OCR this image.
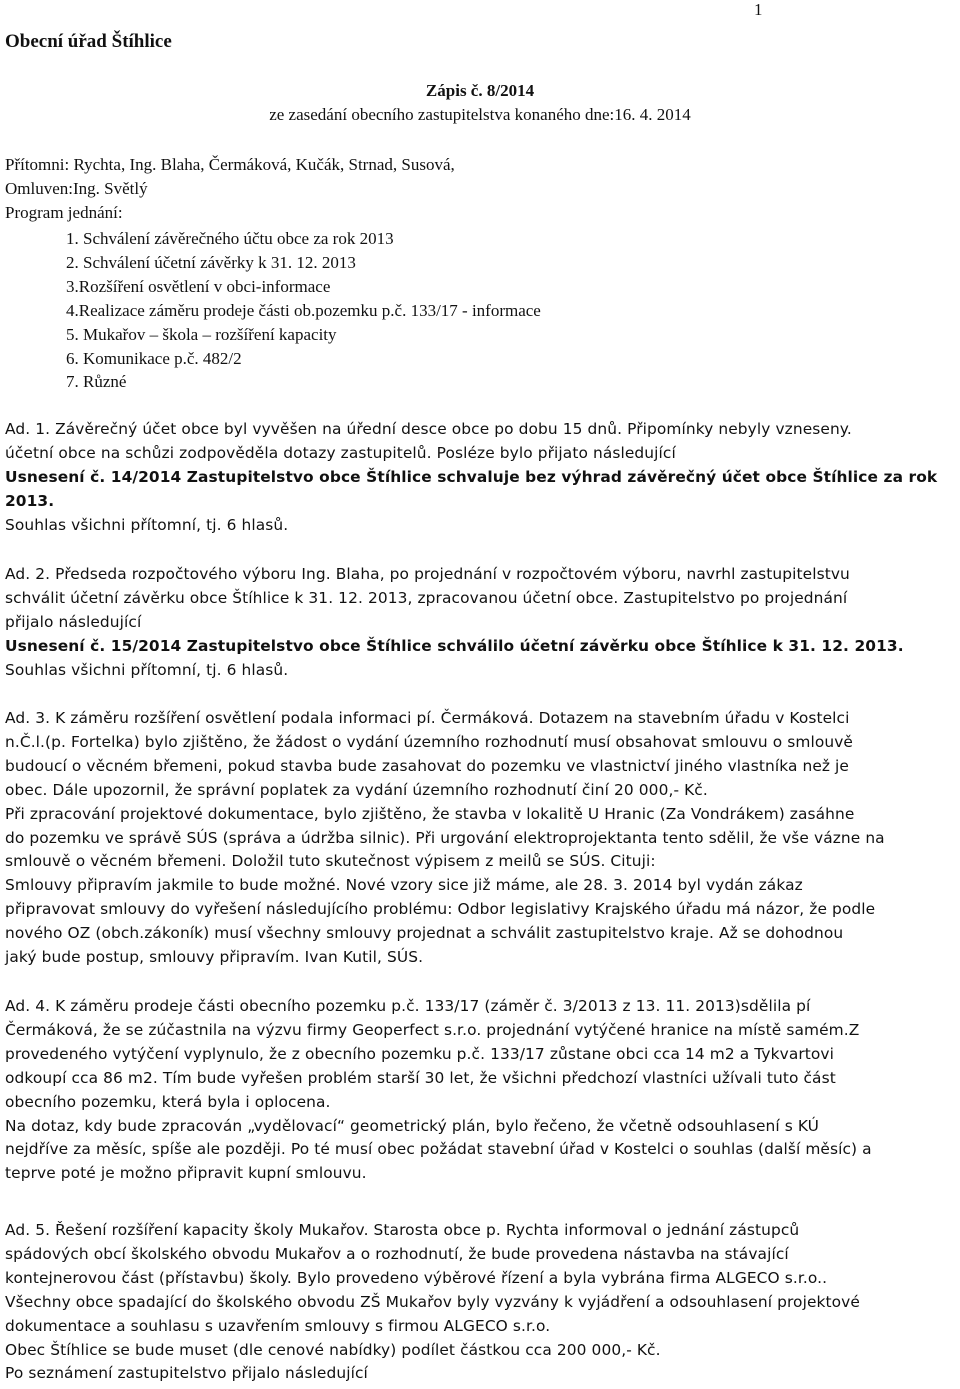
1
Obecní úřad Štíhlice
Zápis č. 8/2014
ze zasedání obecního zastupitelstva konaného dne:16. 4. 2014
Přítomni: Rychta, Ing. Blaha, Čermáková, Kučák, Strnad, Susová,
Omluven:Ing. Světlý
Program jednání:
1. Schválení závěrečného účtu obce za rok 2013
2. Schválení účetní závěrky k 31. 12. 2013
3.Rozšíření osvětlení v obci-informace
4.Realizace záměru prodeje části ob.pozemku p.č. 133/17 - informace
5. Mukařov – škola – rozšíření kapacity
6. Komunikace p.č. 482/2
7. Různé
Ad. 1. Závěrečný účet obce byl vyvěšen na úřední desce obce po dobu 15 dnů. Připomínky nebyly vzneseny.
účetní obce na schůzi zodpověděla dotazy zastupitelů. Posléze bylo přijato následující
Usnesení č. 14/2014 Zastupitelstvo obce Štíhlice schvaluje bez výhrad závěrečný účet obce Štíhlice za rok
2013.
Souhlas všichni přítomní, tj. 6 hlasů.
Ad. 2. Předseda rozpočtového výboru Ing. Blaha, po projednání v rozpočtovém výboru, navrhl zastupitelstvu
schválit účetní závěrku obce Štíhlice k 31. 12. 2013, zpracovanou účetní obce. Zastupitelstvo po projednání
přijalo následující
Usnesení č. 15/2014 Zastupitelstvo obce Štíhlice schválilo účetní závěrku obce Štíhlice k 31. 12. 2013.
Souhlas všichni přítomní, tj. 6 hlasů.
Ad. 3. K záměru rozšíření osvětlení podala informaci pí. Čermáková. Dotazem na stavebním úřadu v Kostelci
n.Č.l.(p. Fortelka) bylo zjištěno, že žádost o vydání územního rozhodnutí musí obsahovat smlouvu o smlouvě
budoucí o věcném břemeni, pokud stavba bude zasahovat do pozemku ve vlastnictví jiného vlastníka než je
obec. Dále upozornil, že správní poplatek za vydání územního rozhodnutí činí 20 000,- Kč.
Při zpracování projektové dokumentace, bylo zjištěno, že stavba v lokalitě U Hranic (Za Vondrákem) zasáhne
do pozemku ve správě SÚS (správa a údržba silnic). Při urgování elektroprojektanta tento sdělil, že vše vázne na
smlouvě o věcném břemeni. Doložil tuto skutečnost výpisem z meilů se SÚS. Cituji:
Smlouvy připravím jakmile to bude možné. Nové vzory sice již máme, ale 28. 3. 2014 byl vydán zákaz
připravovat smlouvy do vyřešení následujícího problému: Odbor legislativy Krajského úřadu má názor, že podle
nového OZ (obch.zákoník) musí všechny smlouvy projednat a schválit zastupitelstvo kraje. Až se dohodnou
jaký bude postup, smlouvy připravím. Ivan Kutil, SÚS.
Ad. 4. K záměru prodeje části obecního pozemku p.č. 133/17 (záměr č. 3/2013 z 13. 11. 2013)sdělila pí
Čermáková, že se zúčastnila na výzvu firmy Geoperfect s.r.o. projednání vytýčené hranice na místě samém.Z
provedeného vytýčení vyplynulo, že z obecního pozemku p.č. 133/17 zůstane obci cca 14 m2 a Tykvartovi
odkoupí cca 86 m2. Tím bude vyřešen problém starší 30 let, že všichni předchozí vlastníci užívali tuto část
obecního pozemku, která byla i oplocena.
Na dotaz, kdy bude zpracován „vydělovací“ geometrický plán, bylo řečeno, že včetně odsouhlasení s KÚ
nejdříve za měsíc, spíše ale později. Po té musí obec požádat stavební úřad v Kostelci o souhlas (další měsíc) a
teprve poté je možno připravit kupní smlouvu.
Ad. 5. Řešení rozšíření kapacity školy Mukařov. Starosta obce p. Rychta informoval o jednání zástupců
spádových obcí školského obvodu Mukařov a o rozhodnutí, že bude provedena nástavba na stávající
kontejnerovou část (přístavbu) školy. Bylo provedeno výběrové řízení a byla vybrána firma ALGECO s.r.o..
Všechny obce spadající do školského obvodu ZŠ Mukařov byly vyzvány k vyjádření a odsouhlasení projektové
dokumentace a souhlasu s uzavřením smlouvy s firmou ALGECO s.r.o.
Obec Štíhlice se bude muset (dle cenové nabídky) podílet částkou cca 200 000,- Kč.
Po seznámení zastupitelstvo přijalo následující
